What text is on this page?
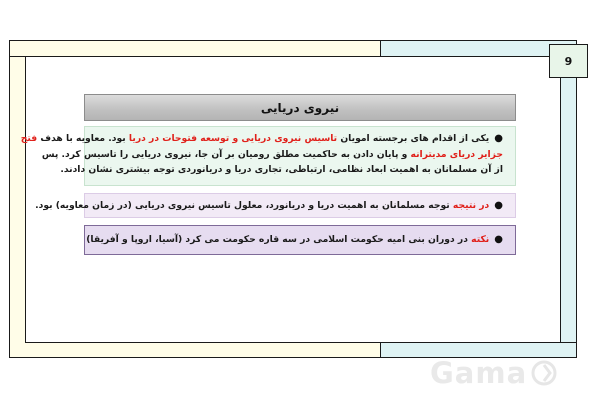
9
نیروی دریایی
●یکی از اقدام های برجسته امویان تاسیس نیروی دریایی و توسعه فتوحات در دریا بود. معاویه با هدف فتح
جزایر دریای مدیترانه و پایان دادن به حاکمیت مطلق رومیان بر آن جا، نیروی دریایی را تاسیس کرد. پس
از آن مسلمانان به اهمیت ابعاد نظامی، ارتباطی، تجاری دریا و دریانوردی توجه بیشتری نشان دادند.
●در نتیجه توجه مسلمانان به اهمیت دریا و دریانورد، معلول تاسیس نیروی دریایی (در زمان معاویه) بود.
●نکته در دوران بنی امیه حکومت اسلامی در سه قاره حکومت می کرد (آسیا، اروپا و آفریقا)
Gama
